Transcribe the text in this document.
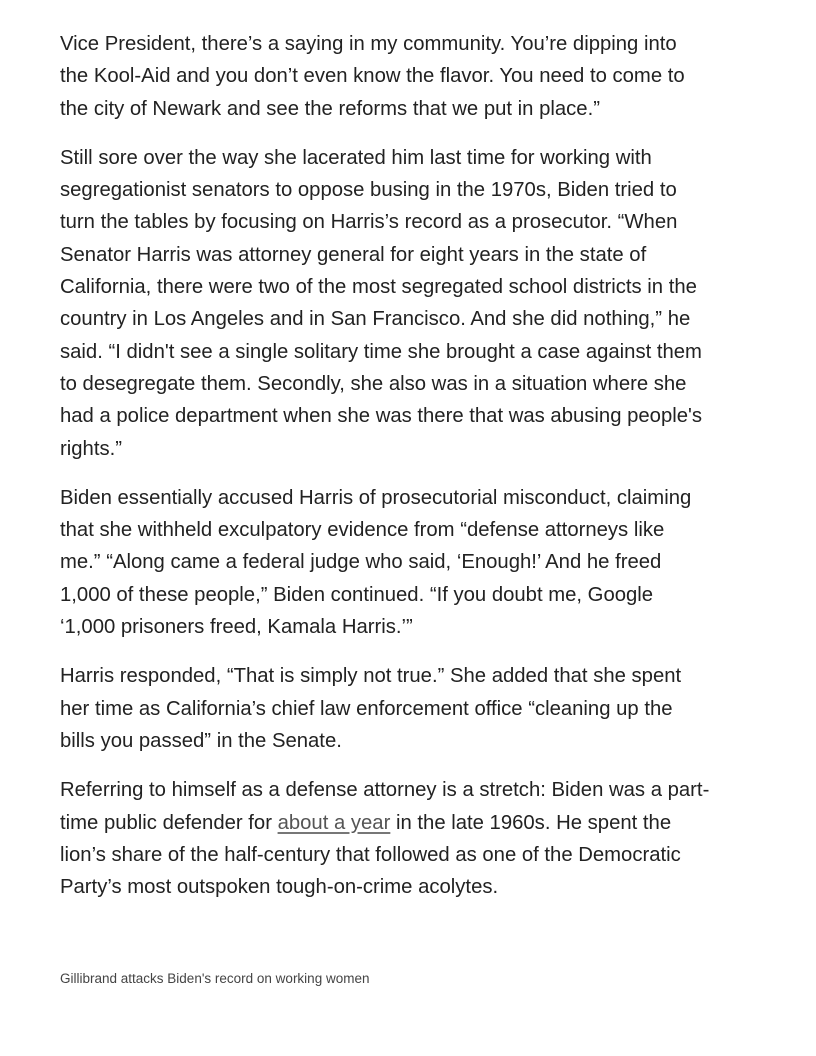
Vice President, there’s a saying in my community. You’re dipping into
the Kool-Aid and you don’t even know the flavor. You need to come to
the city of Newark and see the reforms that we put in place.”

Still sore over the way she lacerated him last time for working with
segregationist senators to oppose busing in the 1970s, Biden tried to
turn the tables by focusing on Harris’s record as a prosecutor. “When
Senator Harris was attorney general for eight years in the state of
California, there were two of the most segregated school districts in the
country in Los Angeles and in San Francisco. And she did nothing,” he
said. “I didn't see a single solitary time she brought a case against them
to desegregate them. Secondly, she also was in a situation where she
had a police department when she was there that was abusing people's
rights.”

Biden essentially accused Harris of prosecutorial misconduct, claiming
that she withheld exculpatory evidence from “defense attorneys like
me.” “Along came a federal judge who said, ‘Enough!’ And he freed
1,000 of these people,” Biden continued. “If you doubt me, Google
‘1,000 prisoners freed, Kamala Harris.’”

Harris responded, “That is simply not true.” She added that she spent
her time as California’s chief law enforcement office “cleaning up the
bills you passed” in the Senate.

Referring to himself as a defense attorney is a stretch: Biden was a part-
time public defender for about a year in the late 1960s. He spent the
lion’s share of the half-century that followed as one of the Democratic
Party’s most outspoken tough-on-crime acolytes.

Gillibrand attacks Biden's record on working women
